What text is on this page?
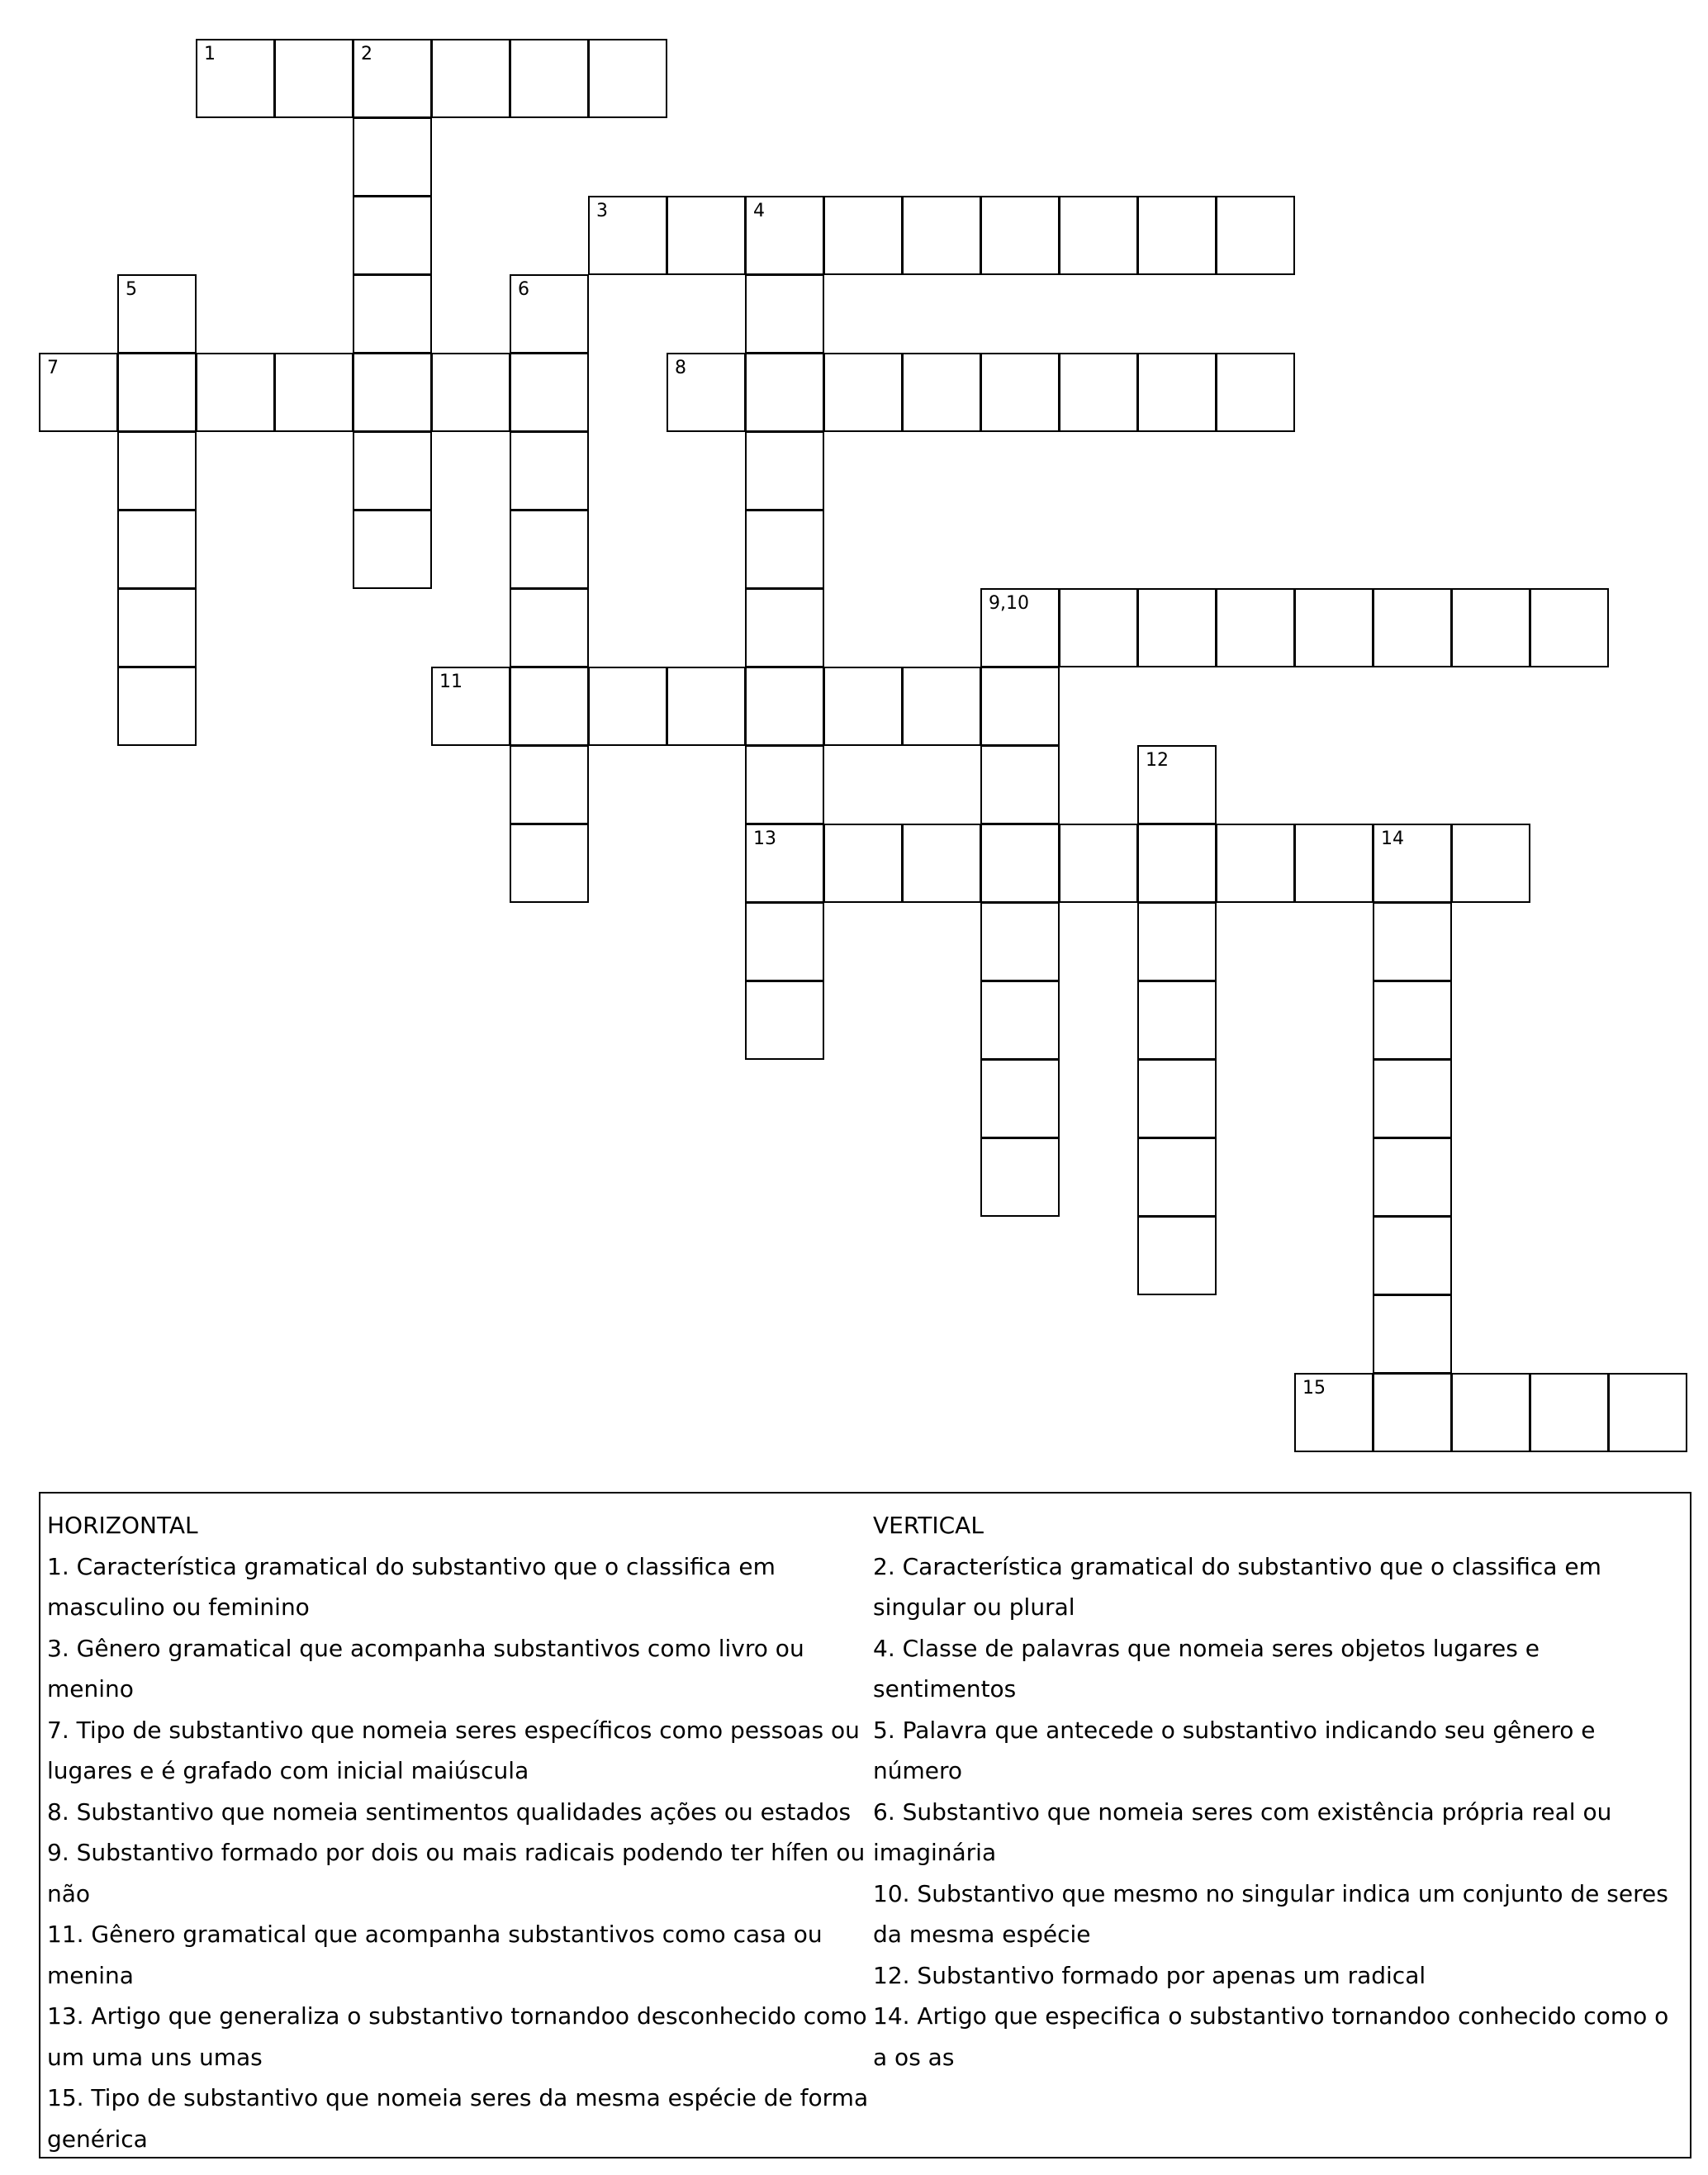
1	2
3	4
13
5	6
7	8
9,10
11
12
14
15

HORIZONTAL

1. Característica gramatical do substantivo que o classifica em masculino ou feminino

3. Gênero gramatical que acompanha substantivos como livro ou menino

7. Tipo de substantivo que nomeia seres específicos como pessoas ou lugares e é grafado com inicial maiúscula

8. Substantivo que nomeia sentimentos qualidades ações ou estados

9. Substantivo formado por dois ou mais radicais podendo ter hífen ou não

11. Gênero gramatical que acompanha substantivos como casa ou menina

13. Artigo que generaliza o substantivo tornandoo desconhecido como um uma uns umas

15. Tipo de substantivo que nomeia seres da mesma espécie de forma genérica

VERTICAL

2. Característica gramatical do substantivo que o classifica em singular ou plural

4. Classe de palavras que nomeia seres objetos lugares e sentimentos

5. Palavra que antecede o substantivo indicando seu gênero e número

6. Substantivo que nomeia seres com existência própria real ou imaginária

10. Substantivo que mesmo no singular indica um conjunto de seres da mesma espécie

12. Substantivo formado por apenas um radical

14. Artigo que especifica o substantivo tornandoo conhecido como o a os as
